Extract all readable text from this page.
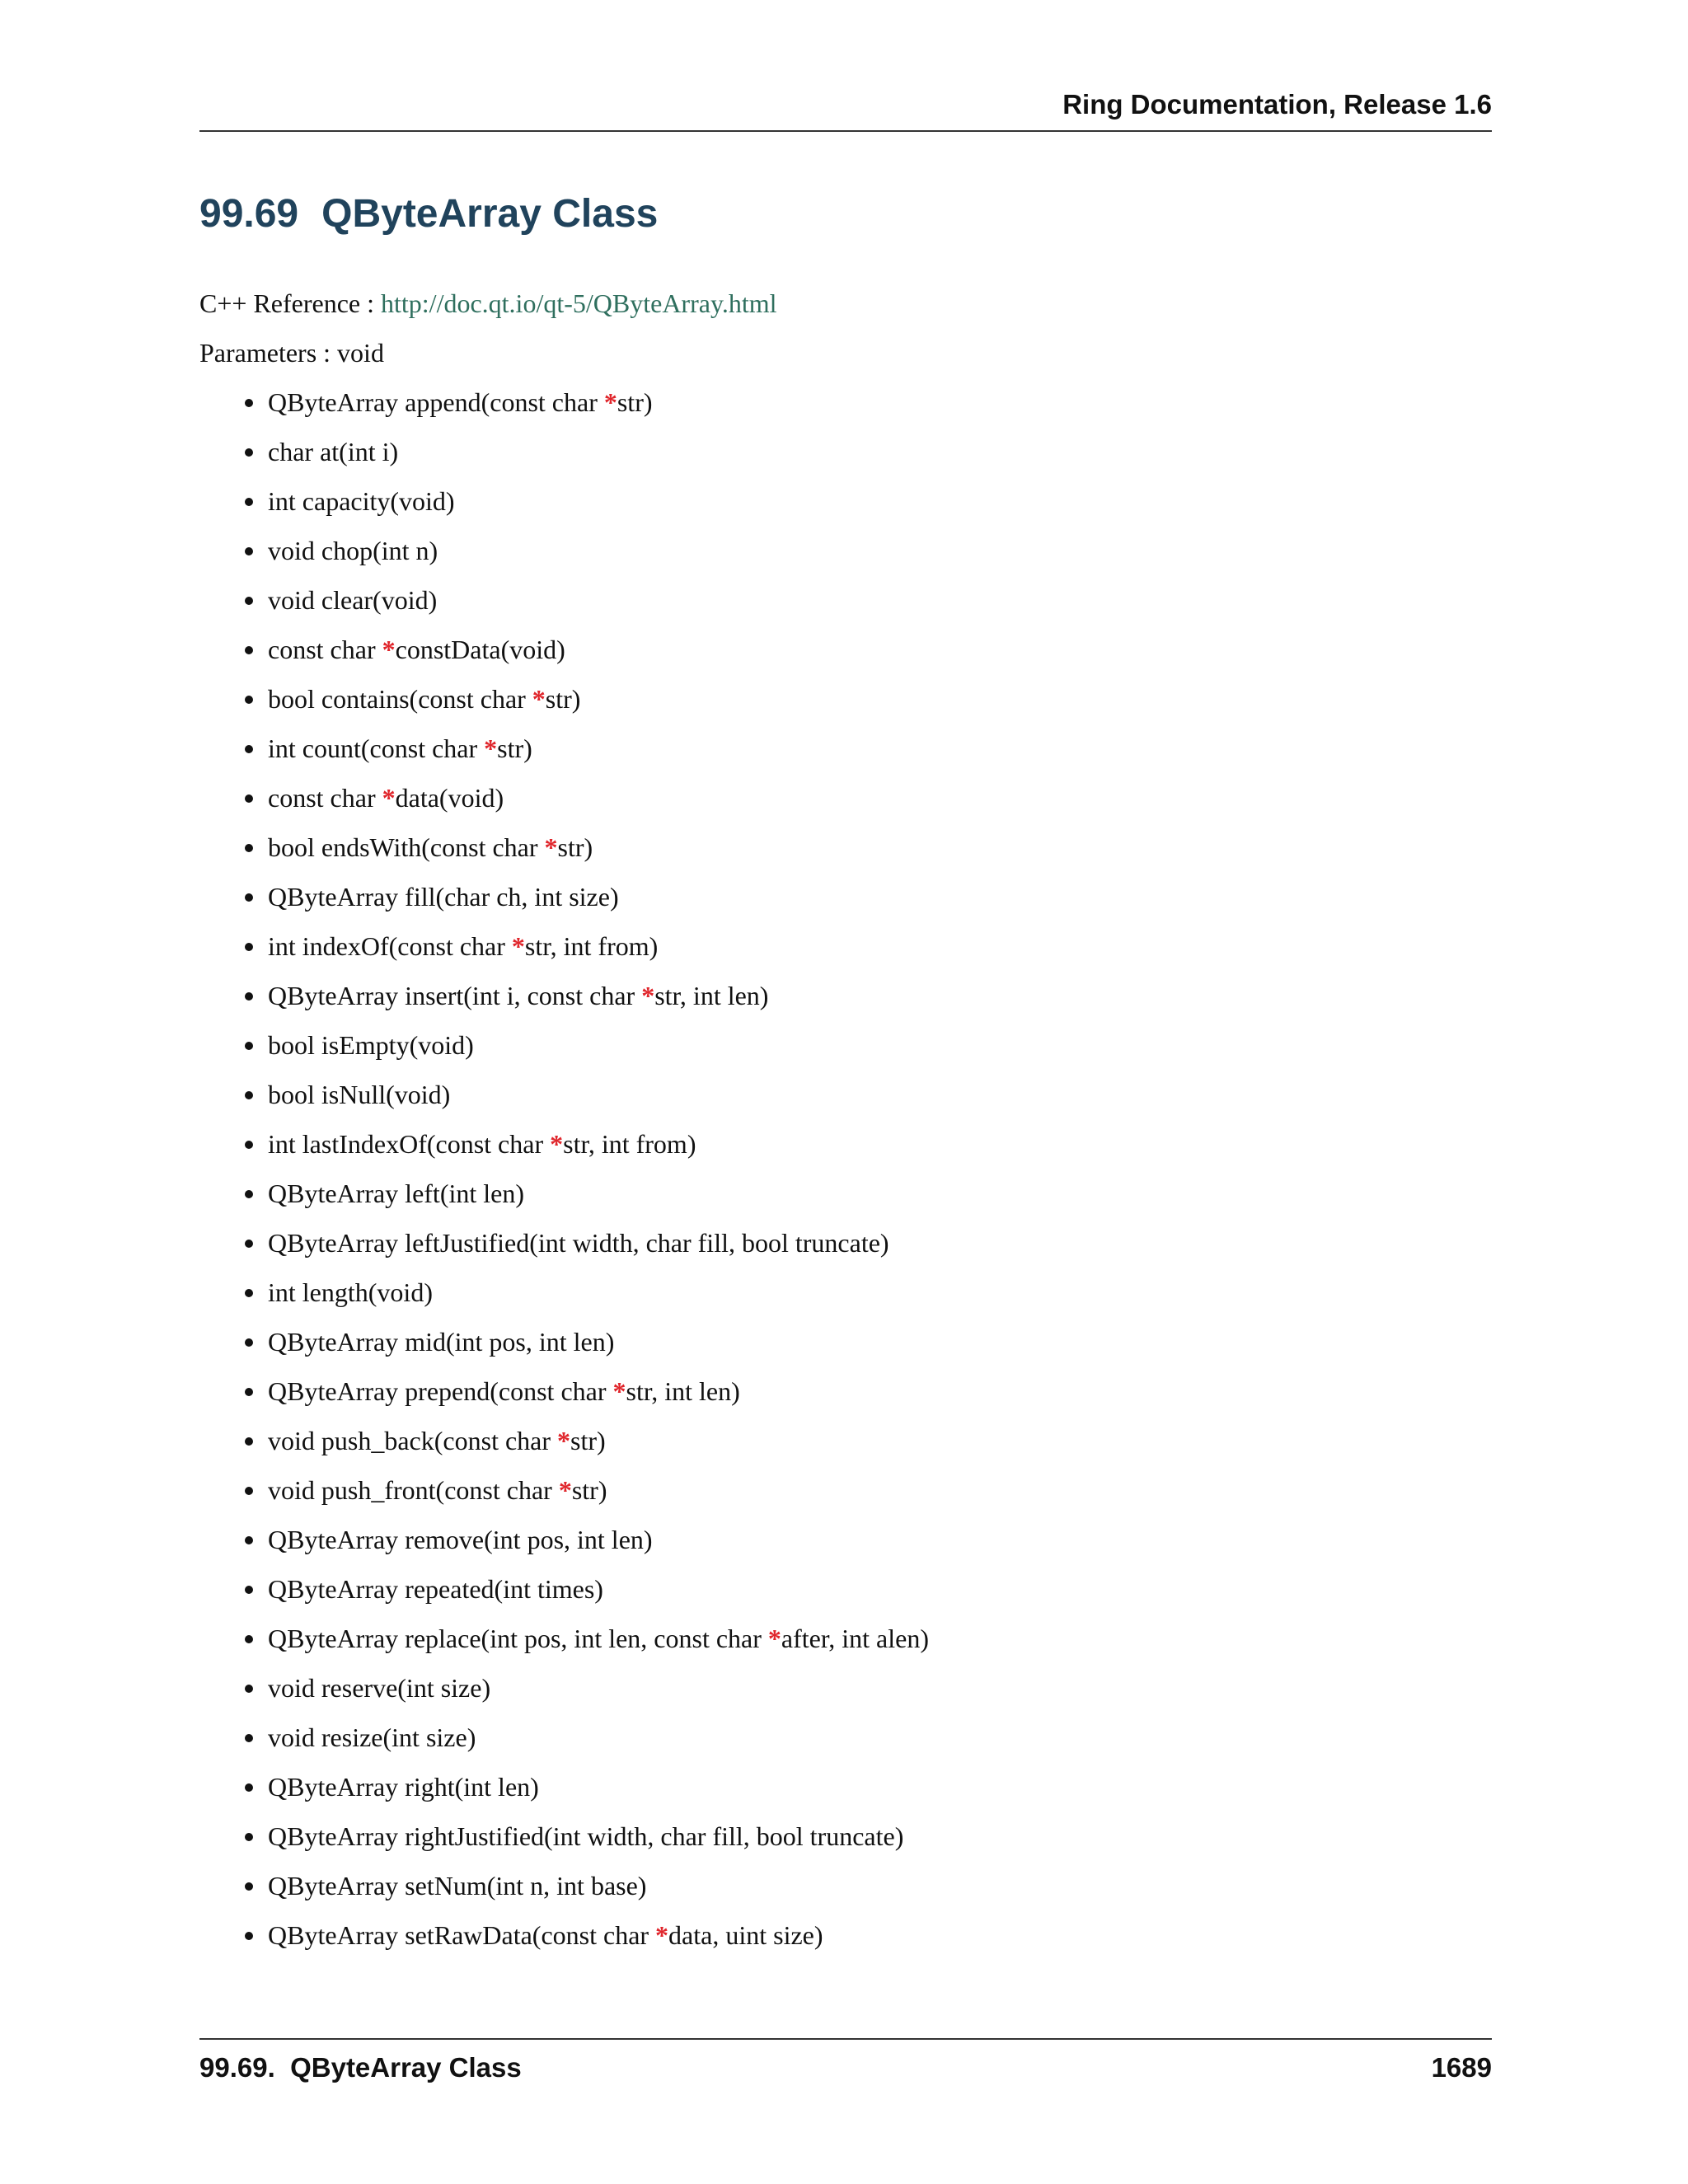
Ring Documentation, Release 1.6
99.69 QByteArray Class
C++ Reference : http://doc.qt.io/qt-5/QByteArray.html
Parameters : void
QByteArray append(const char *str)
char at(int i)
int capacity(void)
void chop(int n)
void clear(void)
const char *constData(void)
bool contains(const char *str)
int count(const char *str)
const char *data(void)
bool endsWith(const char *str)
QByteArray fill(char ch, int size)
int indexOf(const char *str, int from)
QByteArray insert(int i, const char *str, int len)
bool isEmpty(void)
bool isNull(void)
int lastIndexOf(const char *str, int from)
QByteArray left(int len)
QByteArray leftJustified(int width, char fill, bool truncate)
int length(void)
QByteArray mid(int pos, int len)
QByteArray prepend(const char *str, int len)
void push_back(const char *str)
void push_front(const char *str)
QByteArray remove(int pos, int len)
QByteArray repeated(int times)
QByteArray replace(int pos, int len, const char *after, int alen)
void reserve(int size)
void resize(int size)
QByteArray right(int len)
QByteArray rightJustified(int width, char fill, bool truncate)
QByteArray setNum(int n, int base)
QByteArray setRawData(const char *data, uint size)
99.69.  QByteArray Class	1689
